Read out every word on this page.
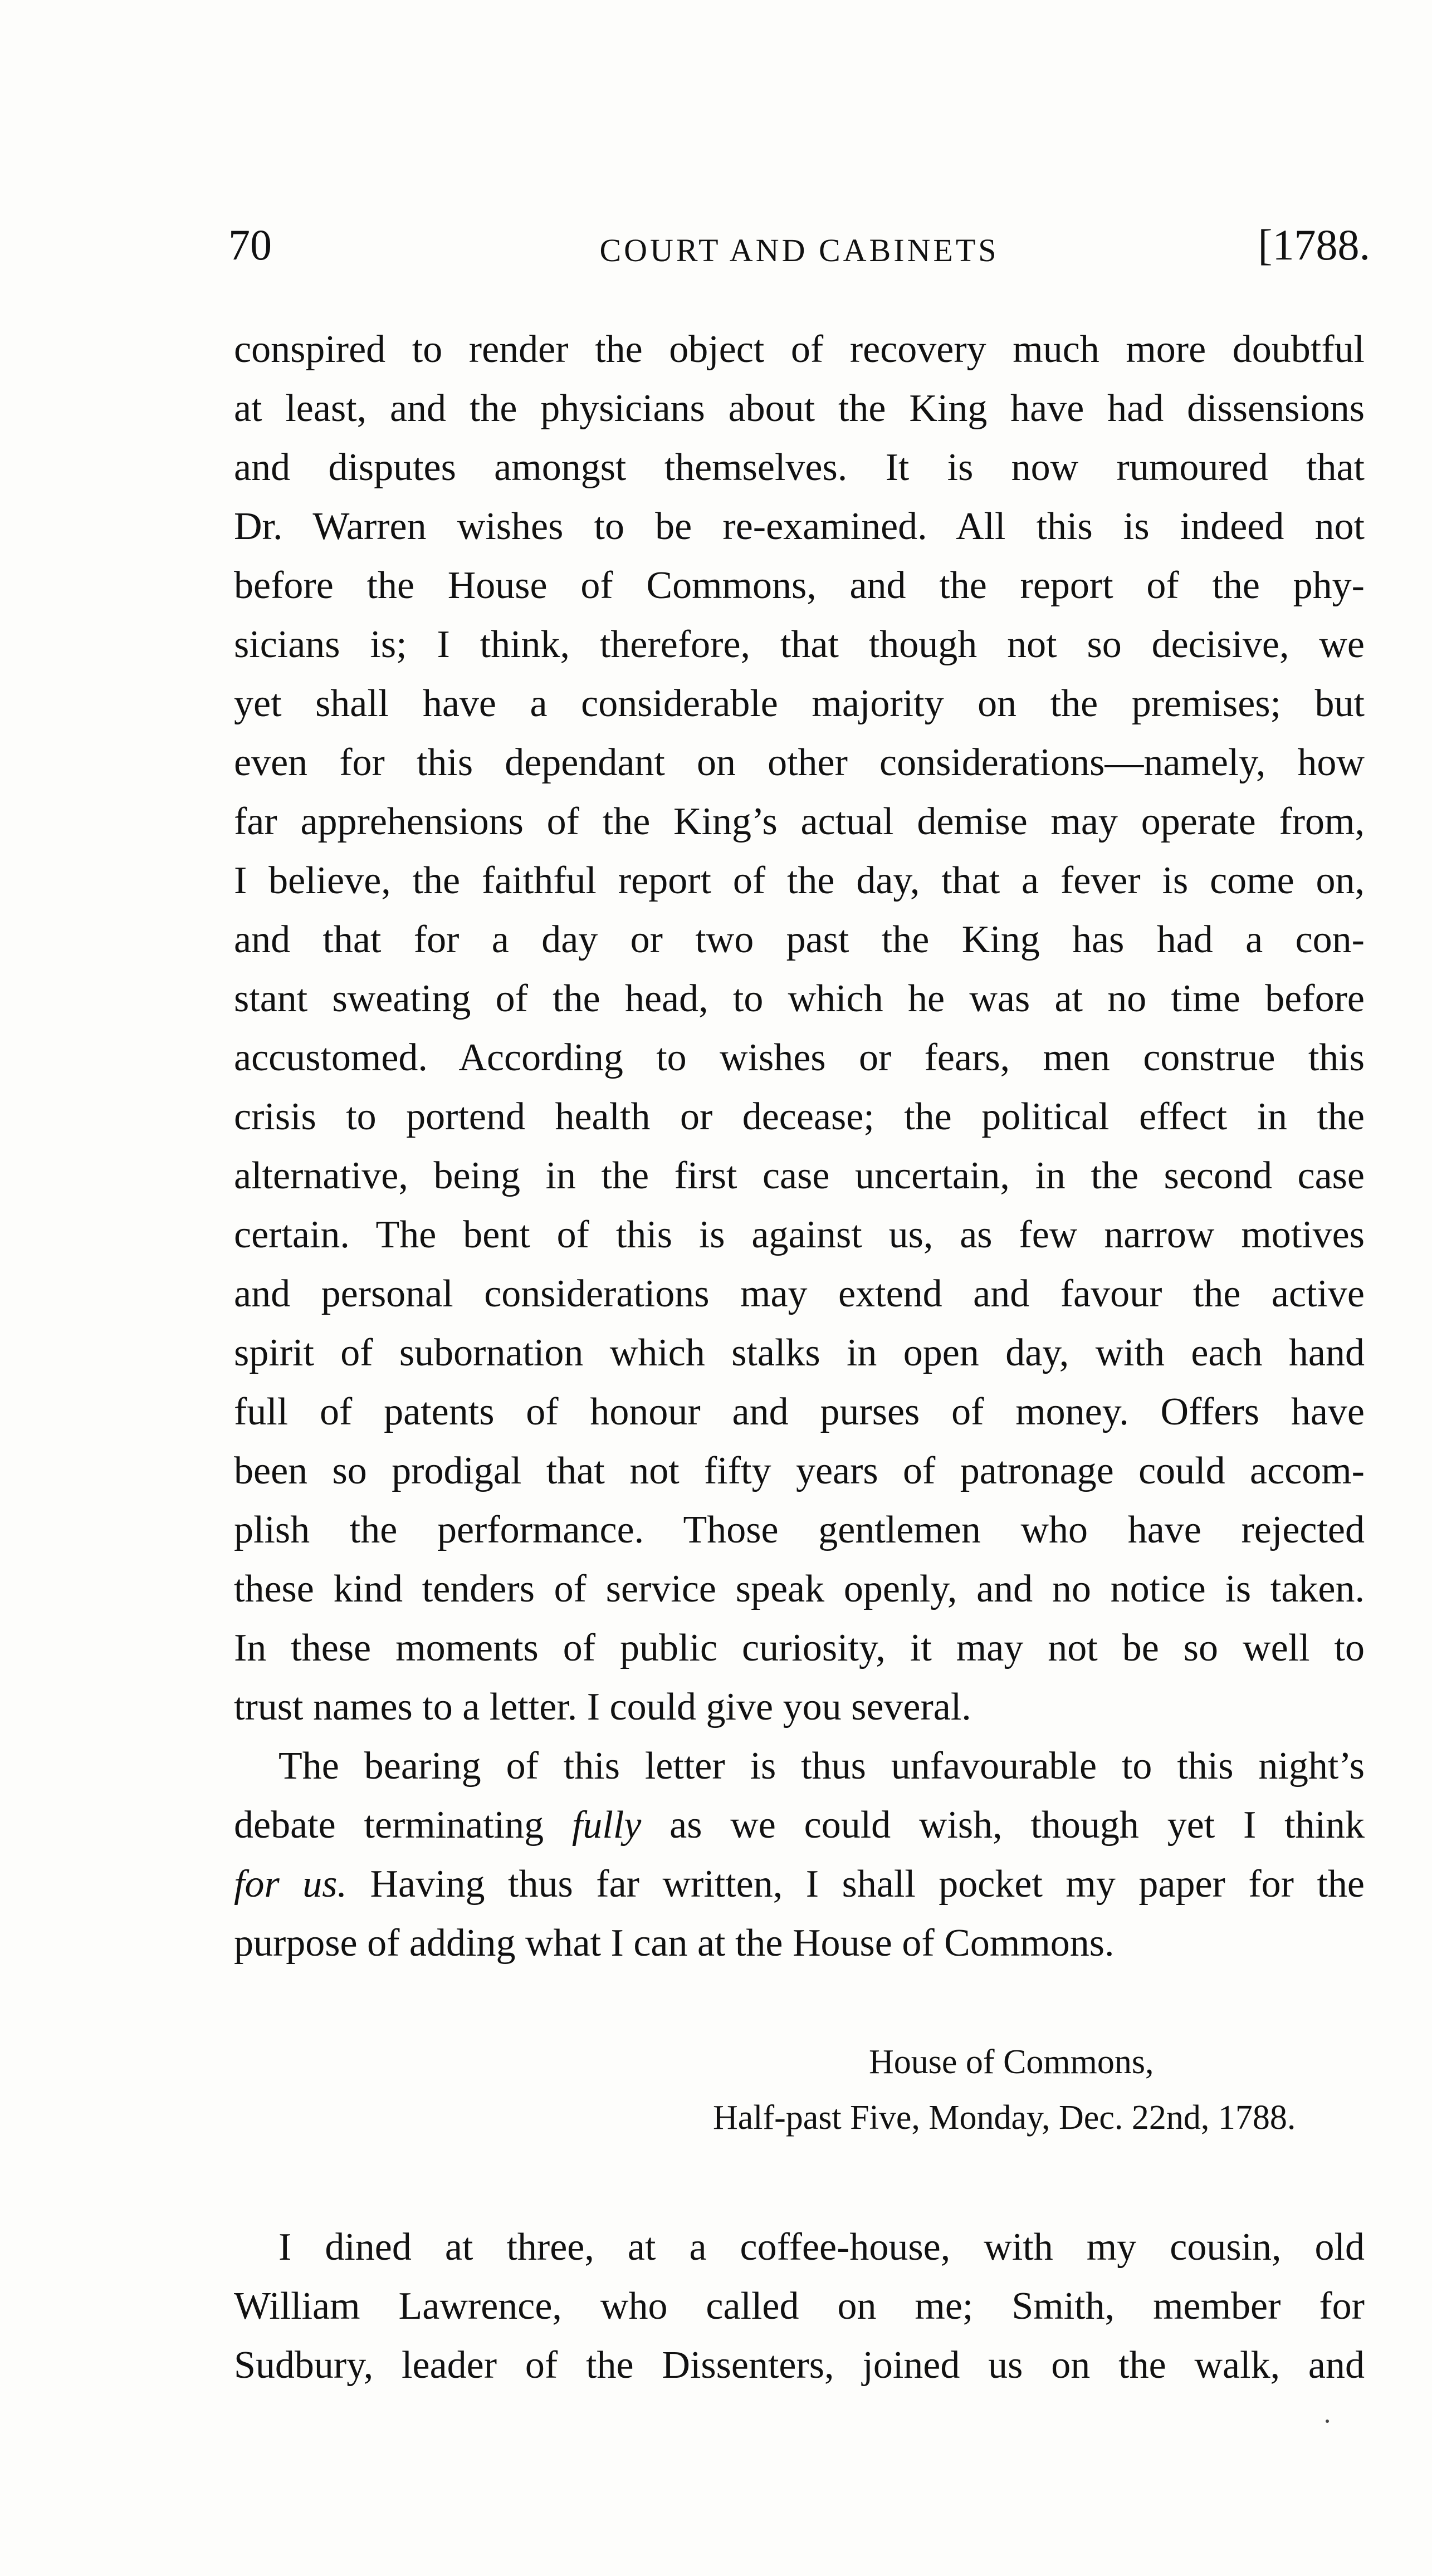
70	COURT AND CABINETS	[1788.
conspired to render the object of recovery much more doubtful
at least, and the physicians about the King have had dissensions
and disputes amongst themselves. It is now rumoured that
Dr. Warren wishes to be re-examined. All this is indeed not
before the House of Commons, and the report of the phy-
sicians is; I think, therefore, that though not so decisive, we
yet shall have a considerable majority on the premises; but
even for this dependant on other considerations—namely, how
far apprehensions of the King’s actual demise may operate from,
I believe, the faithful report of the day, that a fever is come on,
and that for a day or two past the King has had a con-
stant sweating of the head, to which he was at no time before
accustomed. According to wishes or fears, men construe this
crisis to portend health or decease; the political effect in the
alternative, being in the first case uncertain, in the second case
certain. The bent of this is against us, as few narrow motives
and personal considerations may extend and favour the active
spirit of subornation which stalks in open day, with each hand
full of patents of honour and purses of money. Offers have
been so prodigal that not fifty years of patronage could accom-
plish the performance. Those gentlemen who have rejected
these kind tenders of service speak openly, and no notice is taken.
In these moments of public curiosity, it may not be so well to
trust names to a letter. I could give you several.
The bearing of this letter is thus unfavourable to this night’s
debate terminating fully as we could wish, though yet I think
for us. Having thus far written, I shall pocket my paper for the
purpose of adding what I can at the House of Commons.
House of Commons,
Half-past Five, Monday, Dec. 22nd, 1788.
I dined at three, at a coffee-house, with my cousin, old
William Lawrence, who called on me; Smith, member for
Sudbury, leader of the Dissenters, joined us on the walk, and
